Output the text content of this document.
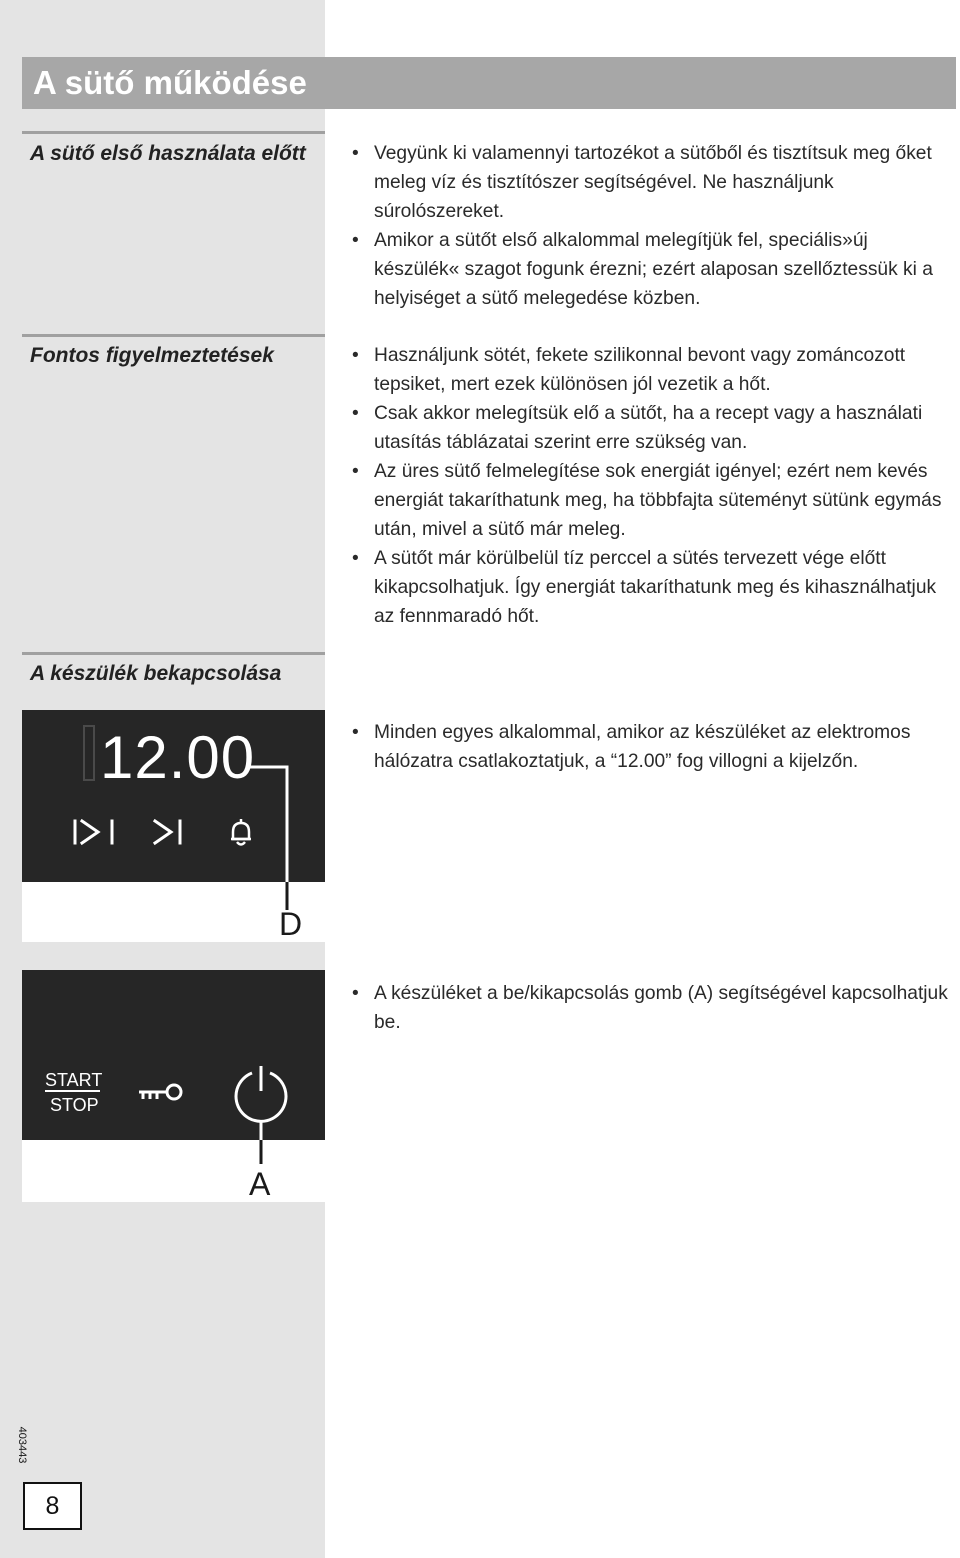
A sütő működése
A sütő első használata előtt	• Vegyünk ki valamennyi tartozékot a sütőből és tisztítsuk meg őket meleg víz és tisztítószer segítségével. Ne használjunk súrolószereket.
• Amikor a sütőt első alkalommal melegítjük fel, speciális»új készülék« szagot fogunk érezni; ezért alaposan szellőztessük ki a helyiséget a sütő melegedése közben.
Fontos figyelmeztetések	• Használjunk sötét, fekete szilikonnal bevont vagy zománcozott tepsiket, mert ezek különösen jól vezetik a hőt.
• Csak akkor melegítsük elő a sütőt, ha a recept vagy a használati utasítás táblázatai szerint erre szükség van.
• Az üres sütő felmelegítése sok energiát igényel; ezért nem kevés energiát takaríthatunk meg, ha többfajta süteményt sütünk egymás után, mivel a sütő már meleg.
• A sütőt már körülbelül tíz perccel a sütés tervezett vége előtt kikapcsolhatjuk. Így energiát takaríthatunk meg és kihasználhatjuk az fennmaradó hőt.
A készülék bekapcsolása
12.00
D
• Minden egyes alkalommal, amikor az készüléket az elektromos hálózatra csatlakoztatjuk, a “12.00” fog villogni a kijelzőn.
START
STOP
A
• A készüléket a be/kikapcsolás gomb (A) segítségével kapcsolhatjuk be.
403443
8
